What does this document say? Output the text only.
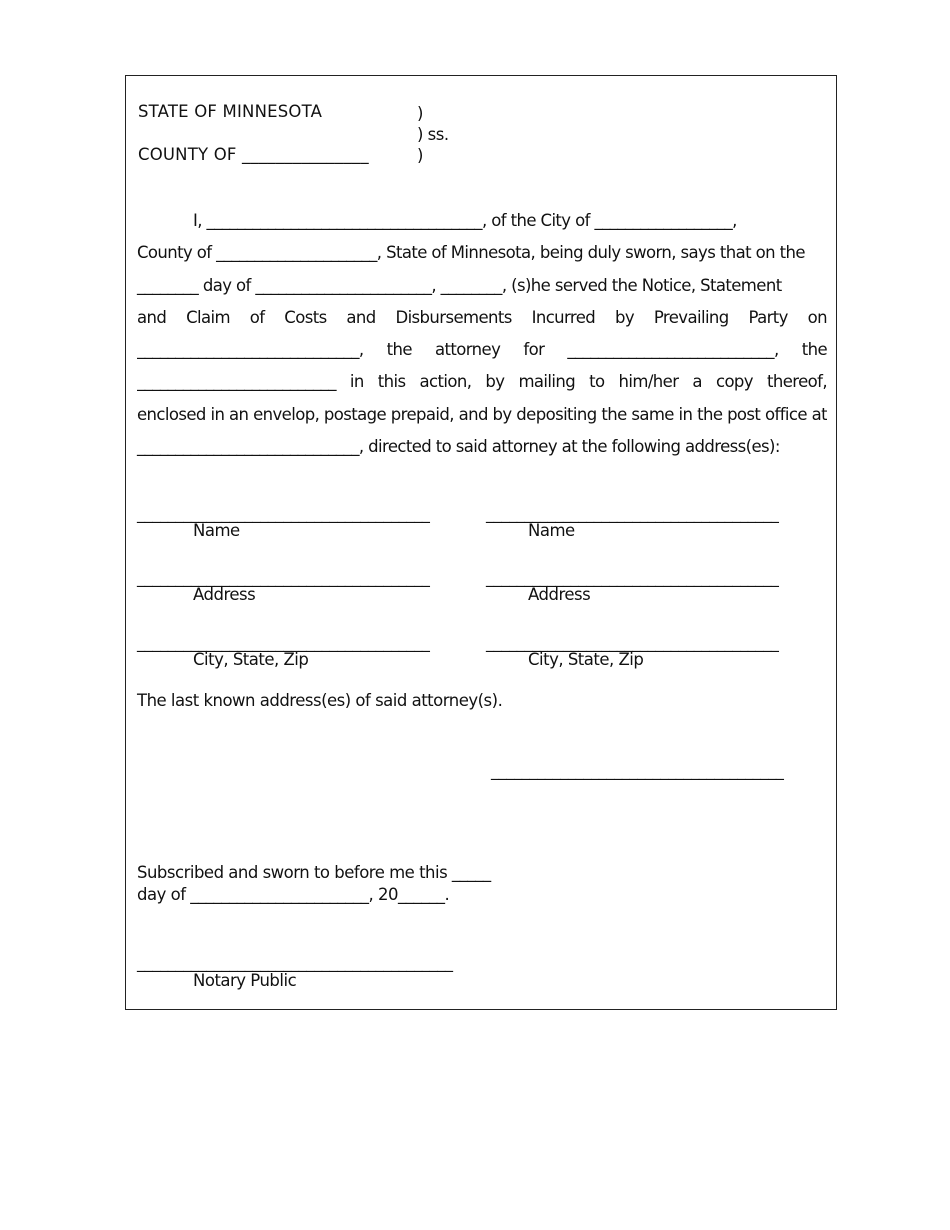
STATE OF MINNESOTA	)
) ss.
COUNTY OF _______________	)
I, ____________________________________, of the City of __________________,
County of _____________________, State of Minnesota, being duly sworn, says that on the
________ day of _______________________, ________, (s)he served the Notice, Statement
and Claim of Costs and Disbursements Incurred by Prevailing Party on
_____________________________, the attorney for ___________________________, the
__________________________ in this action, by mailing to him/her a copy thereof,
enclosed in an envelop, postage prepaid, and by depositing the same in the post office at
_____________________________, directed to said attorney at the following address(es):
______________________________________
Name
______________________________________
Address
______________________________________
City, State, Zip
______________________________________
Name
______________________________________
Address
______________________________________
City, State, Zip
The last known address(es) of said attorney(s).
______________________________________
Subscribed and sworn to before me this _____
day of _______________________, 20______.
_________________________________________
Notary Public
